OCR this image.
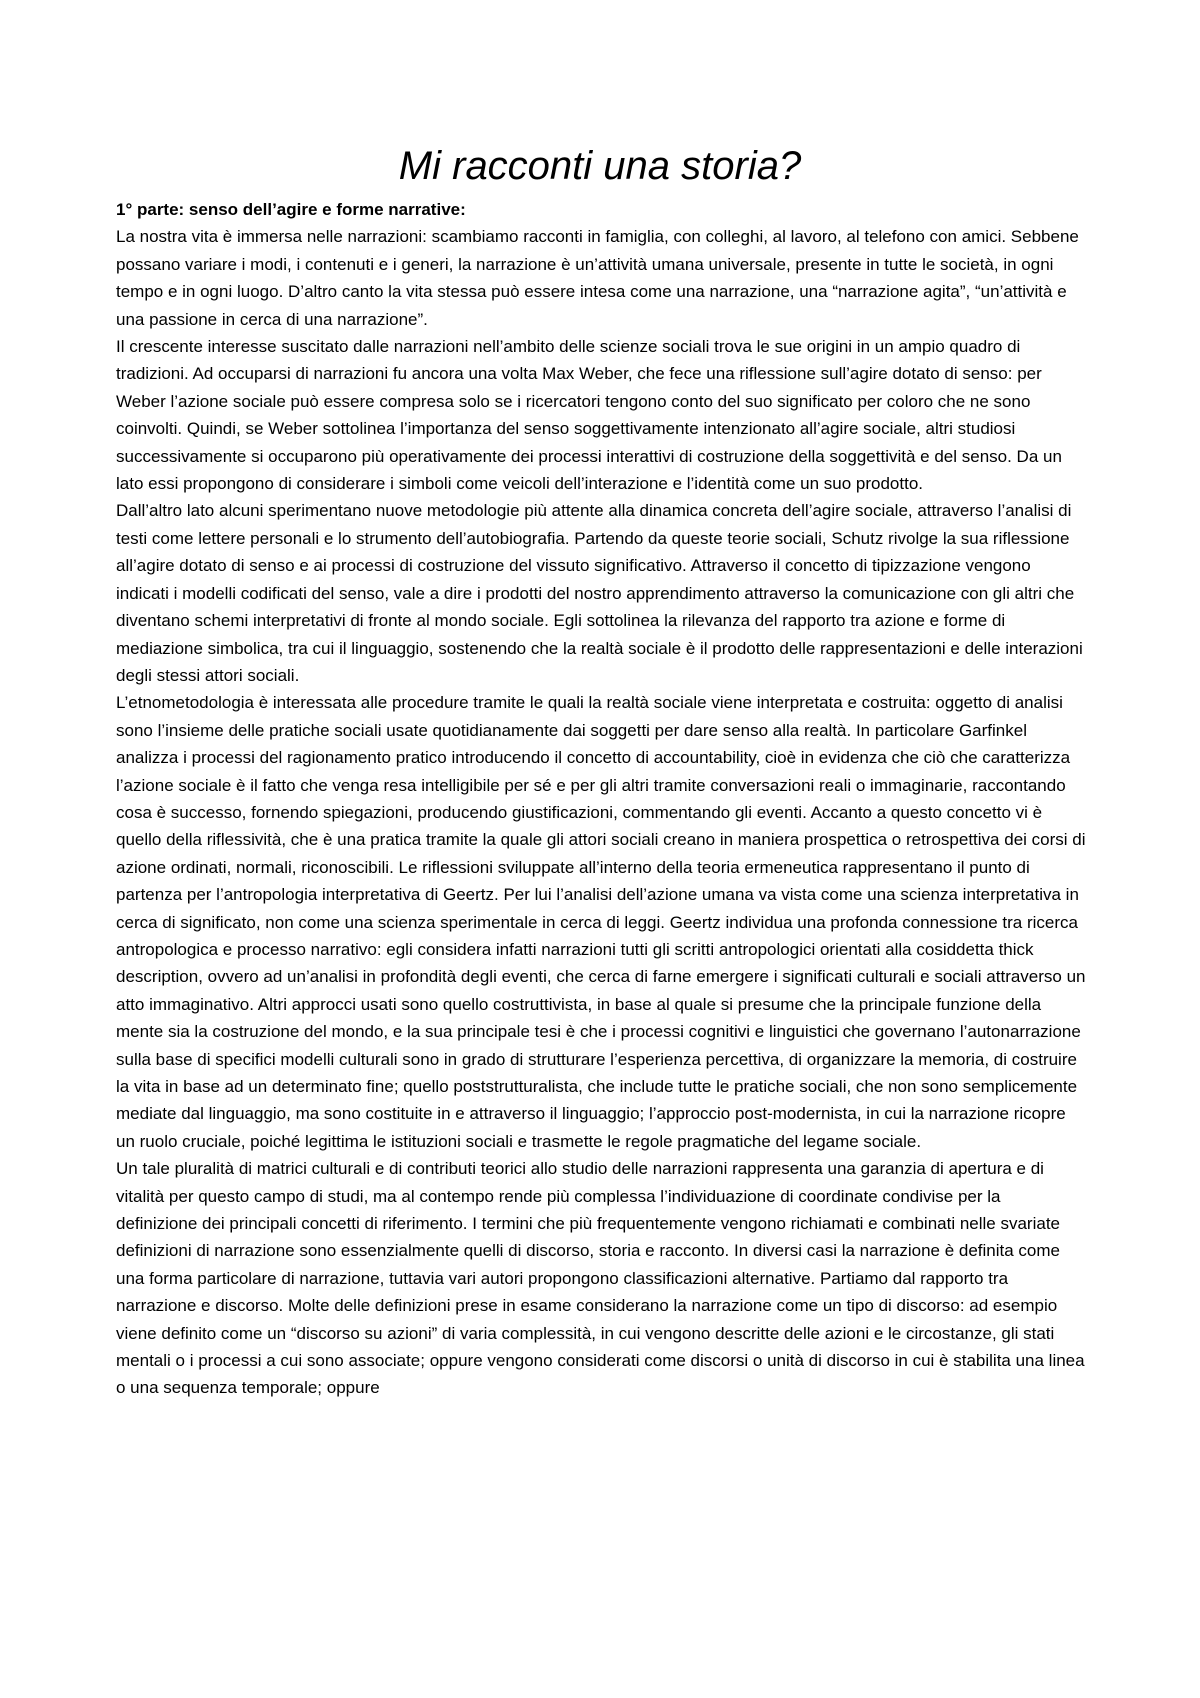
Mi racconti una storia?
1° parte: senso dell’agire e forme narrative:
La nostra vita è immersa nelle narrazioni: scambiamo racconti in famiglia, con colleghi, al lavoro, al telefono con amici. Sebbene possano variare i modi, i contenuti e i generi, la narrazione è un’attività umana universale, presente in tutte le società, in ogni tempo e in ogni luogo. D’altro canto la vita stessa può essere intesa come una narrazione, una “narrazione agita”, “un’attività e una passione in cerca di una narrazione”.
Il crescente interesse suscitato dalle narrazioni nell’ambito delle scienze sociali trova le sue origini in un ampio quadro di tradizioni. Ad occuparsi di narrazioni fu ancora una volta Max Weber, che fece una riflessione sull’agire dotato di senso: per Weber l’azione sociale può essere compresa solo se i ricercatori tengono conto del suo significato per coloro che ne sono coinvolti. Quindi, se Weber sottolinea l’importanza del senso soggettivamente intenzionato all’agire sociale, altri studiosi successivamente si occuparono più operativamente dei processi interattivi di costruzione della soggettività e del senso. Da un lato essi propongono di considerare i simboli come veicoli dell’interazione e l’identità come un suo prodotto.
Dall’altro lato alcuni sperimentano nuove metodologie più attente alla dinamica concreta dell’agire sociale, attraverso l’analisi di testi come lettere personali e lo strumento dell’autobiografia. Partendo da queste teorie sociali, Schutz rivolge la sua riflessione all’agire dotato di senso e ai processi di costruzione del vissuto significativo. Attraverso il concetto di tipizzazione vengono indicati i modelli codificati del senso, vale a dire i prodotti del nostro apprendimento attraverso la comunicazione con gli altri che diventano schemi interpretativi di fronte al mondo sociale. Egli sottolinea la rilevanza del rapporto tra azione e forme di mediazione simbolica, tra cui il linguaggio, sostenendo che la realtà sociale è il prodotto delle rappresentazioni e delle interazioni degli stessi attori sociali.
L’etnometodologia è interessata alle procedure tramite le quali la realtà sociale viene interpretata e costruita: oggetto di analisi sono l’insieme delle pratiche sociali usate quotidianamente dai soggetti per dare senso alla realtà. In particolare Garfinkel analizza i processi del ragionamento pratico introducendo il concetto di accountability, cioè in evidenza che ciò che caratterizza l’azione sociale è il fatto che venga resa intelligibile per sé e per gli altri tramite conversazioni reali o immaginarie, raccontando cosa è successo, fornendo spiegazioni, producendo giustificazioni, commentando gli eventi. Accanto a questo concetto vi è quello della riflessività, che è una pratica tramite la quale gli attori sociali creano in maniera prospettica o retrospettiva dei corsi di azione ordinati, normali, riconoscibili. Le riflessioni sviluppate all’interno della teoria ermeneutica rappresentano il punto di partenza per l’antropologia interpretativa di Geertz. Per lui l’analisi dell’azione umana va vista come una scienza interpretativa in cerca di significato, non come una scienza sperimentale in cerca di leggi. Geertz individua una profonda connessione tra ricerca antropologica e processo narrativo: egli considera infatti narrazioni tutti gli scritti antropologici orientati alla cosiddetta thick description, ovvero ad un’analisi in profondità degli eventi, che cerca di farne emergere i significati culturali e sociali attraverso un atto immaginativo. Altri approcci usati sono quello costruttivista, in base al quale si presume che la principale funzione della mente sia la costruzione del mondo, e la sua principale tesi è che i processi cognitivi e linguistici che governano l’autonarrazione sulla base di specifici modelli culturali sono in grado di strutturare l’esperienza percettiva, di organizzare la memoria, di costruire la vita in base ad un determinato fine; quello poststrutturalista, che include tutte le pratiche sociali, che non sono semplicemente mediate dal linguaggio, ma sono costituite in e attraverso il linguaggio; l’approccio post-modernista, in cui la narrazione ricopre un ruolo cruciale, poiché legittima le istituzioni sociali e trasmette le regole pragmatiche del legame sociale.
Un tale pluralità di matrici culturali e di contributi teorici allo studio delle narrazioni rappresenta una garanzia di apertura e di vitalità per questo campo di studi, ma al contempo rende più complessa l’individuazione di coordinate condivise per la definizione dei principali concetti di riferimento. I termini che più frequentemente vengono richiamati e combinati nelle svariate definizioni di narrazione sono essenzialmente quelli di discorso, storia e racconto. In diversi casi la narrazione è definita come una forma particolare di narrazione, tuttavia vari autori propongono classificazioni alternative. Partiamo dal rapporto tra narrazione e discorso. Molte delle definizioni prese in esame considerano la narrazione come un tipo di discorso: ad esempio viene definito come un “discorso su azioni” di varia complessità, in cui vengono descritte delle azioni e le circostanze, gli stati mentali o i processi a cui sono associate; oppure vengono considerati come discorsi o unità di discorso in cui è stabilita una linea o una sequenza temporale; oppure
